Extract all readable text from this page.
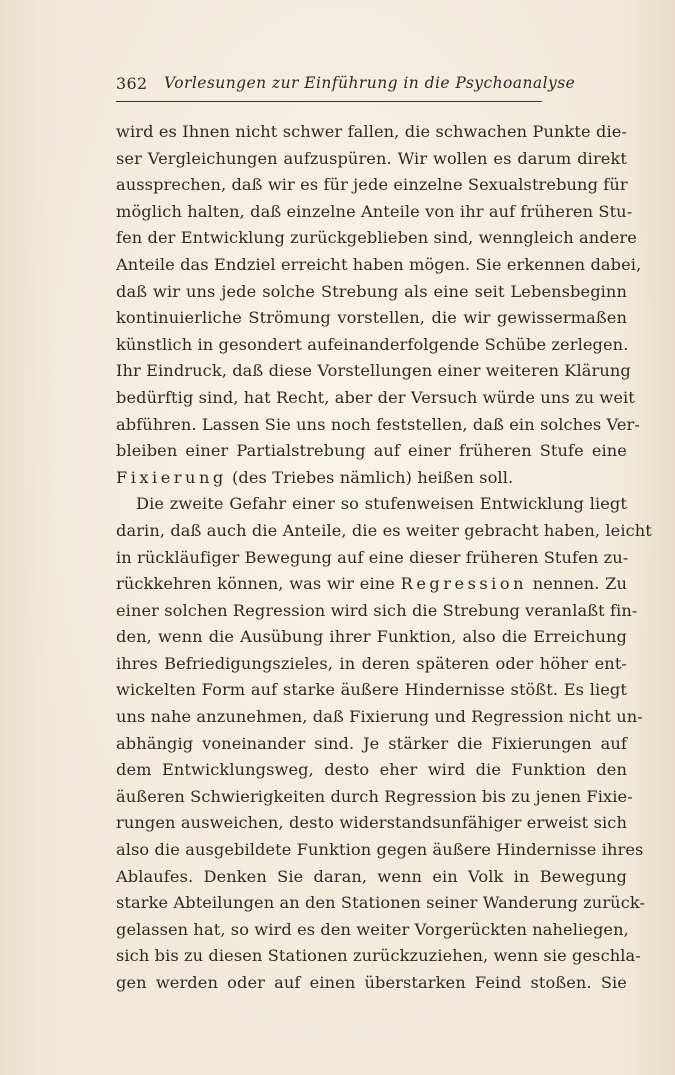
362 Vorlesungen zur Einführung in die Psychoanalyse
wird es Ihnen nicht schwer fallen, die schwachen Punkte die-
ser Vergleichungen aufzuspüren. Wir wollen es darum direkt
aussprechen, daß wir es für jede einzelne Sexualstrebung für
möglich halten, daß einzelne Anteile von ihr auf früheren Stu-
fen der Entwicklung zurückgeblieben sind, wenngleich andere
Anteile das Endziel erreicht haben mögen. Sie erkennen dabei,
daß wir uns jede solche Strebung als eine seit Lebensbeginn
kontinuierliche Strömung vorstellen, die wir gewissermaßen
künstlich in gesondert aufeinanderfolgende Schübe zerlegen.
Ihr Eindruck, daß diese Vorstellungen einer weiteren Klärung
bedürftig sind, hat Recht, aber der Versuch würde uns zu weit
abführen. Lassen Sie uns noch feststellen, daß ein solches Ver-
bleiben einer Partialstrebung auf einer früheren Stufe eine
Fixierung (des Triebes nämlich) heißen soll.
Die zweite Gefahr einer so stufenweisen Entwicklung liegt
darin, daß auch die Anteile, die es weiter gebracht haben, leicht
in rückläufiger Bewegung auf eine dieser früheren Stufen zu-
rückkehren können, was wir eine Regression nennen. Zu
einer solchen Regression wird sich die Strebung veranlaßt fin-
den, wenn die Ausübung ihrer Funktion, also die Erreichung
ihres Befriedigungszieles, in deren späteren oder höher ent-
wickelten Form auf starke äußere Hindernisse stößt. Es liegt
uns nahe anzunehmen, daß Fixierung und Regression nicht un-
abhängig voneinander sind. Je stärker die Fixierungen auf
dem Entwicklungsweg, desto eher wird die Funktion den
äußeren Schwierigkeiten durch Regression bis zu jenen Fixie-
rungen ausweichen, desto widerstandsunfähiger erweist sich
also die ausgebildete Funktion gegen äußere Hindernisse ihres
Ablaufes. Denken Sie daran, wenn ein Volk in Bewegung
starke Abteilungen an den Stationen seiner Wanderung zurück-
gelassen hat, so wird es den weiter Vorgerückten naheliegen,
sich bis zu diesen Stationen zurückzuziehen, wenn sie geschla-
gen werden oder auf einen überstarken Feind stoßen. Sie
